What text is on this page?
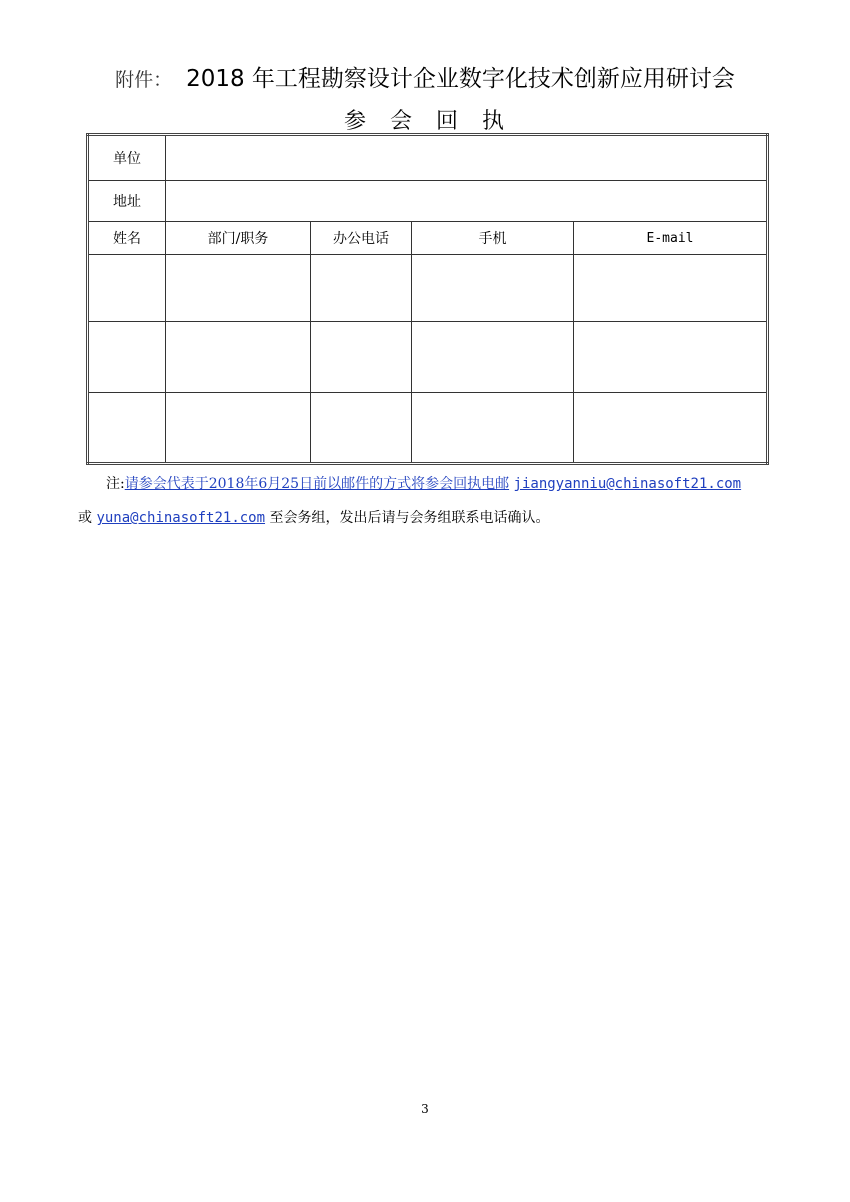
附件： 2018 年工程勘察设计企业数字化技术创新应用研讨会
参会回执
单位				
地址				
姓名	部门/职务	办公电话	手机	E-mail

注:请参会代表于2018年6月25日前以邮件的方式将参会回执电邮 jiangyanniu@chinasoft21.com
或 yuna@chinasoft21.com 至会务组，发出后请与会务组联系电话确认。
3
